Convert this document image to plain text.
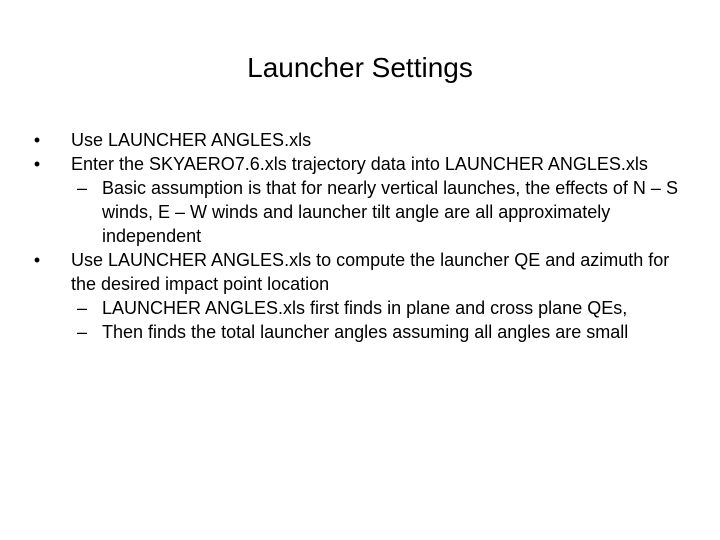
Launcher Settings
• Use LAUNCHER ANGLES.xls
• Enter the SKYAERO7.6.xls trajectory data into LAUNCHER ANGLES.xls
– Basic assumption is that for nearly vertical launches, the effects of N – S winds, E – W winds and launcher tilt angle are all approximately independent
• Use LAUNCHER ANGLES.xls to compute the launcher QE and azimuth for the desired impact point location
– LAUNCHER ANGLES.xls first finds in plane and cross plane QEs,
– Then finds the total launcher angles assuming all angles are small
